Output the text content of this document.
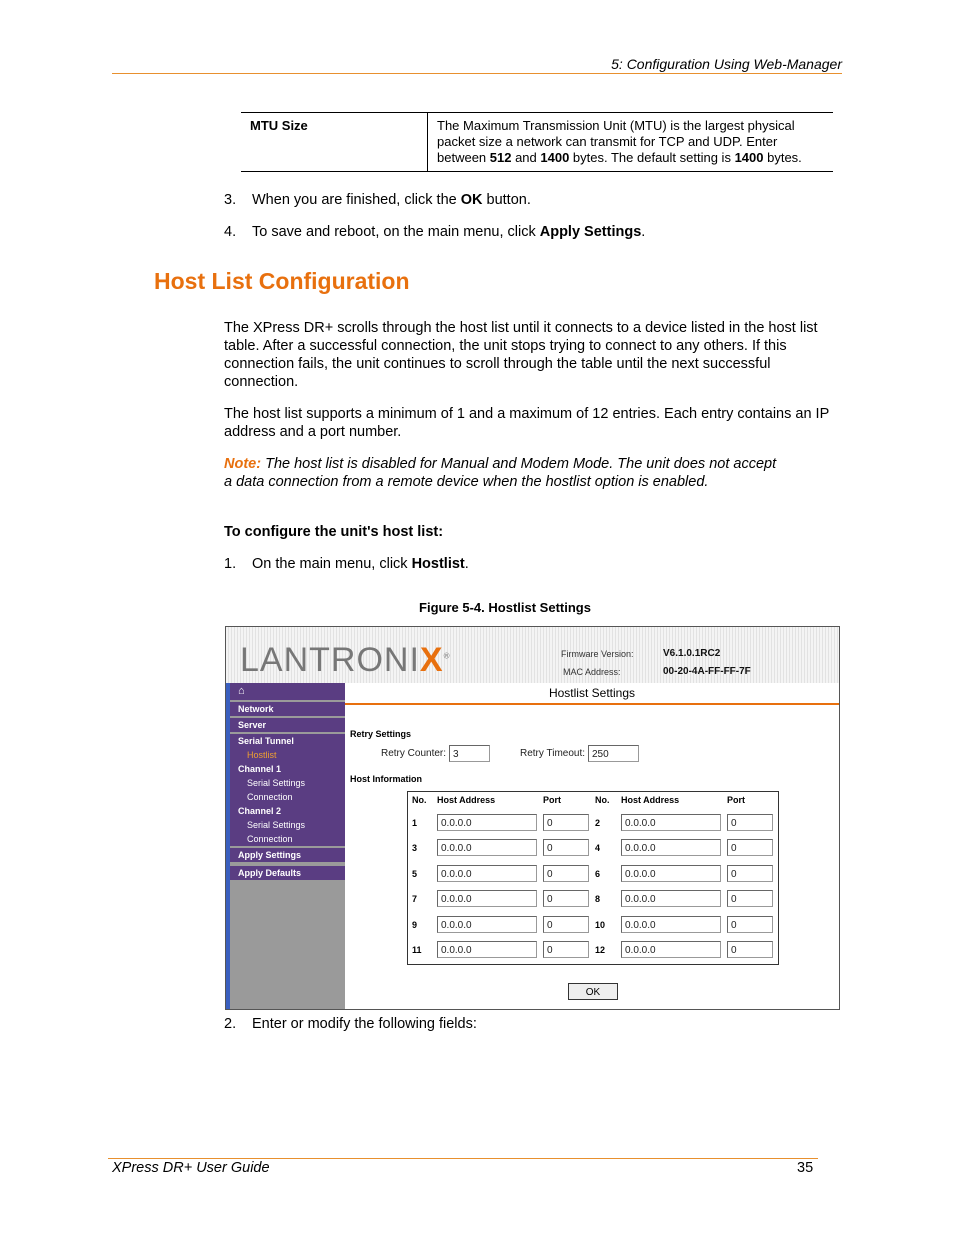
5: Configuration Using Web-Manager
MTU Size	The Maximum Transmission Unit (MTU) is the largest physical packet size a network can transmit for TCP and UDP. Enter between 512 and 1400 bytes. The default setting is 1400 bytes.
3. When you are finished, click the OK button.
4. To save and reboot, on the main menu, click Apply Settings.
Host List Configuration

The XPress DR+ scrolls through the host list until it connects to a device listed in the host list table. After a successful connection, the unit stops trying to connect to any others. If this connection fails, the unit continues to scroll through the table until the next successful connection.

The host list supports a minimum of 1 and a maximum of 12 entries. Each entry contains an IP address and a port number.

Note: The host list is disabled for Manual and Modem Mode. The unit does not accept a data connection from a remote device when the hostlist option is enabled.

To configure the unit's host list:

1. On the main menu, click Hostlist.
Figure 5-4. Hostlist Settings
LANTRONIX®	Firmware Version:	V6.1.0.1RC2
MAC Address:	00-20-4A-FF-FF-7F
⌂
Network
Server
Serial Tunnel
Hostlist
Channel 1
Serial Settings
Connection
Channel 2
Serial Settings
Connection
Apply Settings
Apply Defaults
Hostlist Settings
Retry Settings
Retry Counter: 3	Retry Timeout: 250
Host Information
No. Host Address	Port	No. Host Address	Port
1	0.0.0.0	0	2	0.0.0.0	0
3	0.0.0.0	0	4	0.0.0.0	0
5	0.0.0.0	0	6	0.0.0.0	0
7	0.0.0.0	0	8	0.0.0.0	0
9	0.0.0.0	0	10	0.0.0.0	0
11	0.0.0.0	0	12	0.0.0.0	0
OK
2. Enter or modify the following fields:
XPress DR+ User Guide	35
